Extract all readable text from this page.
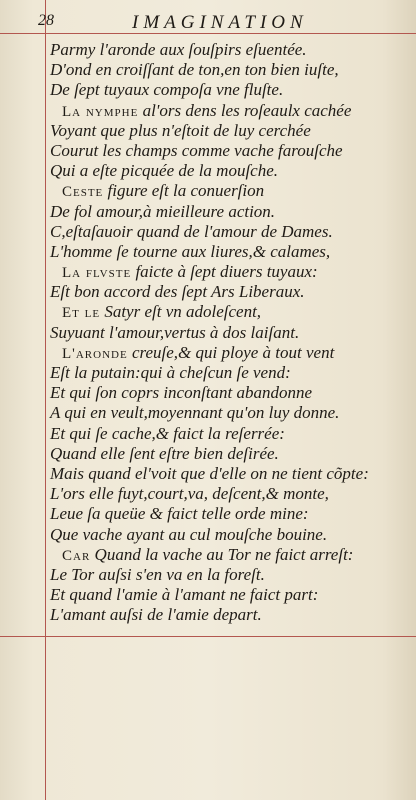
28	IMAGINATION
Parmy l'aronde aux ſouſpirs eſuentée.
D'ond en croiſſant de ton,en ton bien iuſte,
De ſept tuyaux compoſa vne fluſte.
La nymphe al'ors dens les roſeaulx cachée
Voyant que plus n'eſtoit de luy cerchée
Courut les champs comme vache farouſche
Qui a eſte picquée de la mouſche.
Ceste figure eſt la conuerſion
De fol amour,à mieilleure action.
C,eſtaſauoir quand de l'amour de Dames.
L'homme ſe tourne aux liures,& calames,
La flvste faicte à ſept diuers tuyaux:
Eſt bon accord des ſept Ars Liberaux.
Et le Satyr eſt vn adoleſcent,
Suyuant l'amour,vertus à dos laiſant.
L'aronde creuſe,& qui ploye à tout vent
Eſt la putain:qui à cheſcun ſe vend:
Et qui ſon coprs inconſtant abandonne
A qui en veult,moyennant qu'on luy donne.
Et qui ſe cache,& faict la reſerrée:
Quand elle ſent eſtre bien deſirée.
Mais quand el'voit que d'elle on ne tient cõpte:
L'ors elle fuyt,court,va, deſcent,& monte,
Leue ſa queüe & faict telle orde mine:
Que vache ayant au cul mouſche bouine.
Car Quand la vache au Tor ne faict arreſt:
Le Tor auſsi s'en va en la foreſt.
Et quand l'amie à l'amant ne faict part:
L'amant auſsi de l'amie depart.
